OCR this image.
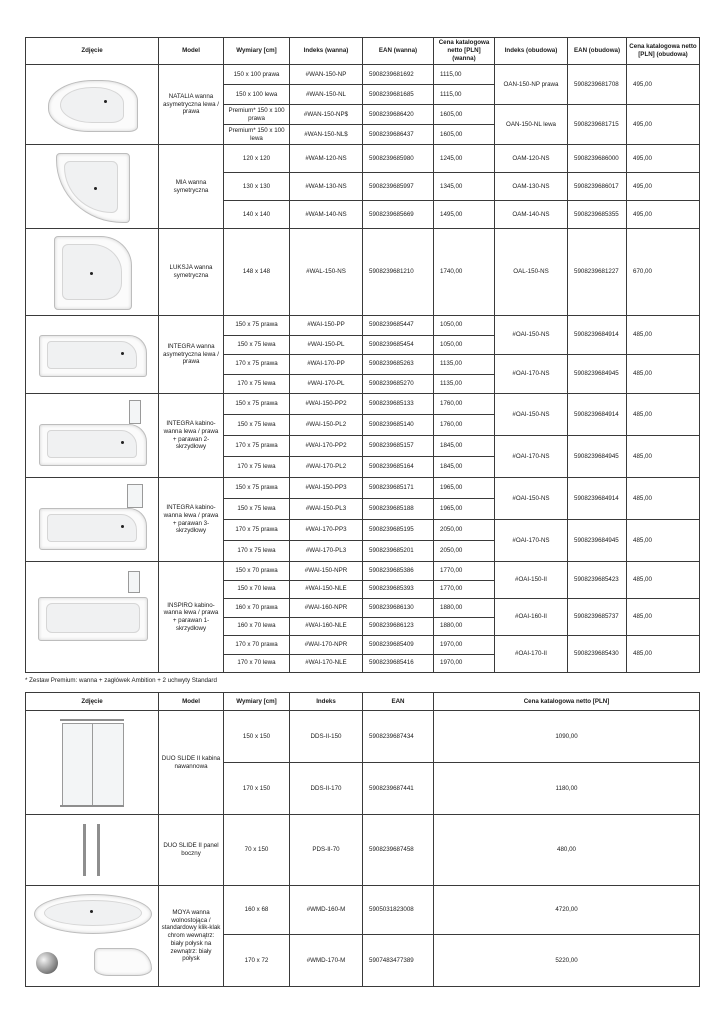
Zdjęcie	Model	Wymiary [cm]	Indeks (wanna)	EAN (wanna)	Cena katalogowa netto [PLN] (wanna)	Indeks (obudowa)	EAN (obudowa)	Cena katalogowa netto [PLN] (obudowa)

	NATALIA wanna asymetryczna lewa / prawa	150 x 100 prawa	#WAN-150-NP	5908239681692	1115,00	OAN-150-NP prawa	5908239681708	495,00
		150 x 100 lewa	#WAN-150-NL	5908239681685	1115,00			
		Premium* 150 x 100 prawa	#WAN-150-NP$	5908239686420	1605,00	OAN-150-NL lewa	5908239681715	495,00
		Premium* 150 x 100 lewa	#WAN-150-NL$	5908239686437	1605,00			

	MIA wanna symetryczna	120 x 120	#WAM-120-NS	5908239685980	1245,00	OAM-120-NS	5908239686000	495,00
		130 x 130	#WAM-130-NS	5908239685997	1345,00	OAM-130-NS	5908239686017	495,00
		140 x 140	#WAM-140-NS	5908239685669	1495,00	OAM-140-NS	5908239685355	495,00

	LUKSJA wanna symetryczna	148 x 148	#WAL-150-NS	5908239681210	1740,00	OAL-150-NS	5908239681227	670,00

	INTEGRA wanna asymetryczna lewa / prawa	150 x 75 prawa	#WAI-150-PP	5908239685447	1050,00	#OAI-150-NS	5908239684914	485,00
		150 x 75 lewa	#WAI-150-PL	5908239685454	1050,00			
		170 x 75 prawa	#WAI-170-PP	5908239685263	1135,00	#OAI-170-NS	5908239684945	485,00
		170 x 75 lewa	#WAI-170-PL	5908239685270	1135,00			

	INTEGRA kabino-wanna lewa / prawa + parawan 2-skrzydłowy	150 x 75 prawa	#WAI-150-PP2	5908239685133	1760,00	#OAI-150-NS	5908239684914	485,00
		150 x 75 lewa	#WAI-150-PL2	5908239685140	1760,00			
		170 x 75 prawa	#WAI-170-PP2	5908239685157	1845,00	#OAI-170-NS	5908239684945	485,00
		170 x 75 lewa	#WAI-170-PL2	5908239685164	1845,00			

	INTEGRA kabino-wanna lewa / prawa + parawan 3-skrzydłowy	150 x 75 prawa	#WAI-150-PP3	5908239685171	1965,00	#OAI-150-NS	5908239684914	485,00
		150 x 75 lewa	#WAI-150-PL3	5908239685188	1965,00			
		170 x 75 prawa	#WAI-170-PP3	5908239685195	2050,00	#OAI-170-NS	5908239684945	485,00
		170 x 75 lewa	#WAI-170-PL3	5908239685201	2050,00			

	INSPIRO kabino-wanna lewa / prawa + parawan 1-skrzydłowy	150 x 70 prawa	#WAI-150-NPR	5908239685386	1770,00	#OAI-150-II	5908239685423	485,00
		150 x 70 lewa	#WAI-150-NLE	5908239685393	1770,00			
		160 x 70 prawa	#WAI-160-NPR	5908239686130	1880,00	#OAI-160-II	5908239685737	485,00
		160 x 70 lewa	#WAI-160-NLE	5908239686123	1880,00			
		170 x 70 prawa	#WAI-170-NPR	5908239685409	1970,00	#OAI-170-II	5908239685430	485,00
		170 x 70 lewa	#WAI-170-NLE	5908239685416	1970,00			
* Zestaw Premium: wanna + zagłówek Ambition + 2 uchwyty Standard
Zdjęcie	Model	Wymiary [cm]	Indeks	EAN	Cena katalogowa netto [PLN]

	DUO SLIDE II kabina nawannowa	150 x 150	DDS-II-150	5908239687434	1090,00
		170 x 150	DDS-II-170	5908239687441	1180,00

	DUO SLIDE II panel boczny	70 x 150	PDS-II-70	5908239687458	480,00

	MOYA wanna wolnostojąca / standardowy klik-klak chrom wewnątrz: biały połysk na zewnątrz: biały połysk	160 x 68	#WMD-160-M	5905031823008	4720,00
		170 x 72	#WMD-170-M	5907483477389	5220,00
